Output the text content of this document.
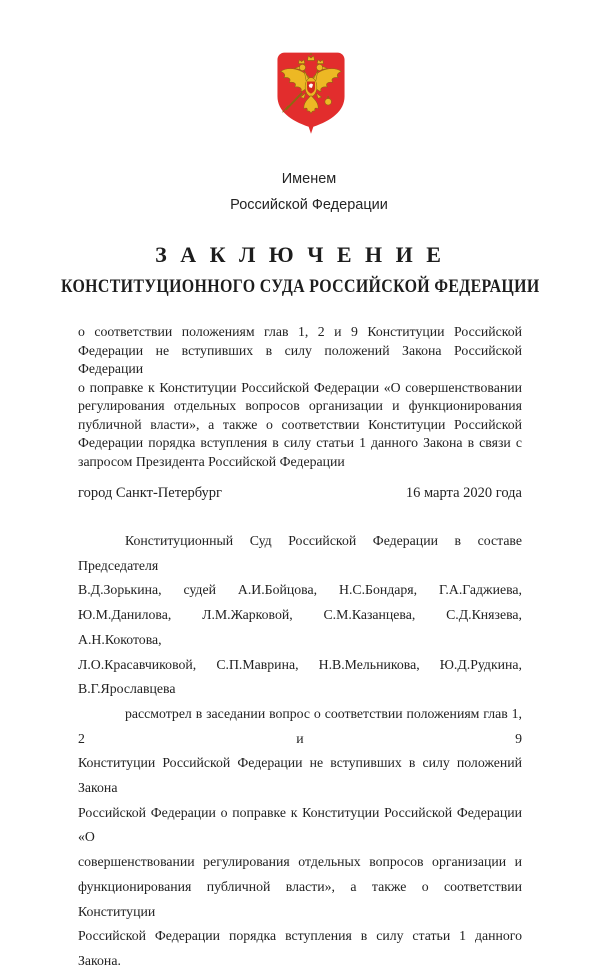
Именем
Российской Федерации
З А К Л Ю Ч Е Н И Е
КОНСТИТУЦИОННОГО СУДА РОССИЙСКОЙ ФЕДЕРАЦИИ
о соответствии положениям глав 1, 2 и 9 Конституции Российской
Федерации не вступивших в силу положений Закона Российской Федерации
о поправке к Конституции Российской Федерации «О совершенствовании
регулирования отдельных вопросов организации и функционирования
публичной власти», а также о соответствии Конституции Российской
Федерации порядка вступления в силу статьи 1 данного Закона в связи с
запросом Президента Российской Федерации
город Санкт-Петербург	16 марта 2020 года
Конституционный Суд Российской Федерации в составе Председателя
В.Д.Зорькина, судей А.И.Бойцова, Н.С.Бондаря, Г.А.Гаджиева,
Ю.М.Данилова, Л.М.Жарковой, С.М.Казанцева, С.Д.Князева, А.Н.Кокотова,
Л.О.Красавчиковой, С.П.Маврина, Н.В.Мельникова, Ю.Д.Рудкина,
В.Г.Ярославцева
рассмотрел в заседании вопрос о соответствии положениям глав 1, 2 и 9
Конституции Российской Федерации не вступивших в силу положений Закона
Российской Федерации о поправке к Конституции Российской Федерации «О
совершенствовании регулирования отдельных вопросов организации и
функционирования публичной власти», а также о соответствии Конституции
Российской Федерации порядка вступления в силу статьи 1 данного Закона.
